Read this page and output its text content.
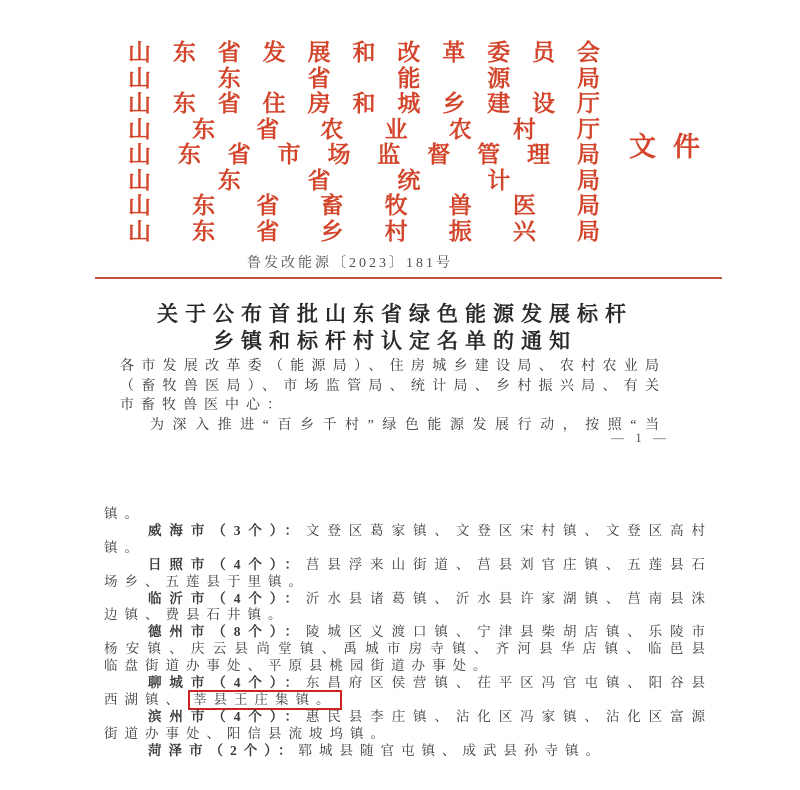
山 东 省 发 展 和 改 革 委 员 会
山	东	省	能	源	局
山 东 省 住 房 和 城 乡 建 设 厅
山 东 省 农 业 农 村 厅
山 东 省 市 场 监 督 管 理 局
山	东	省	统	计	局
山 东 省 畜 牧 兽 医 局
山 东 省 乡 村 振 兴 局
文件
鲁发改能源〔2023〕181号
关于公布首批山东省绿色能源发展标杆
乡镇和标杆村认定名单的通知
各市发展改革委（能源局）、住房城乡建设局、农村农业局
（畜牧兽医局）、市场监管局、统计局、乡村振兴局、有关
市畜牧兽医中心：
为深入推进“百乡千村”绿色能源发展行动，按照“当
— 1 —
镇。
威海市（3个）：文登区葛家镇、文登区宋村镇、文登区高村
镇。
日照市（4个）：莒县浮来山街道、莒县刘官庄镇、五莲县石
场乡、五莲县于里镇。
临沂市（4个）：沂水县诸葛镇、沂水县许家湖镇、莒南县洙
边镇、费县石井镇。
德州市（8个）：陵城区义渡口镇、宁津县柴胡店镇、乐陵市
杨安镇、庆云县尚堂镇、禹城市房寺镇、齐河县华店镇、临邑县
临盘街道办事处、平原县桃园街道办事处。
聊城市（4个）：东昌府区侯营镇、茌平区冯官屯镇、阳谷县
西湖镇、 莘县王庄集镇。
滨州市（4个）：惠民县李庄镇、沾化区冯家镇、沾化区富源
街道办事处、阳信县流坡坞镇。
菏泽市（2个）：郓城县随官屯镇、成武县孙寺镇。
